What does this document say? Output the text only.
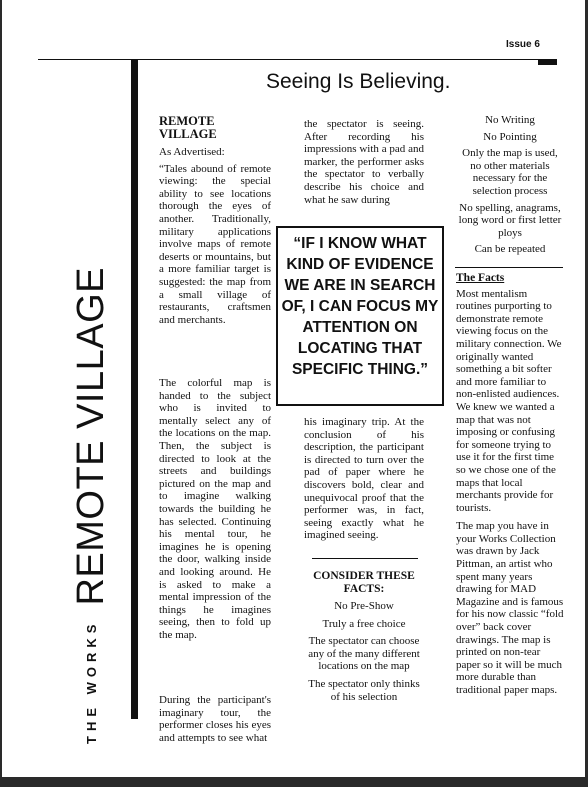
Issue 6
Seeing Is Believing.
THE WORKSREMOTE VILLAGE

REMOTE VILLAGE

As Advertised:

“Tales abound of remote viewing: the special ability to see locations thorough the eyes of another. Traditionally, military applications involve maps of remote deserts or mountains, but a more familiar target is suggested: the map from a small village of restaurants, craftsmen and merchants.

The colorful map is handed to the subject who is invited to mentally select any of the locations on the map. Then, the subject is directed to look at the streets and buildings pictured on the map and to imagine walking towards the building he has selected. Continuing his mental tour, he imagines he is opening the door, walking inside and looking around. He is asked to make a mental impression of the things he imagines seeing, then to fold up the map.
During the participant's imaginary tour, the performer closes his eyes and attempts to see what
the spectator is seeing. After recording his impressions with a pad and marker, the performer asks the spectator to verbally describe his choice and what he saw during
his imaginary trip. At the conclusion of his description, the participant is directed to turn over the pad of paper where he discovers bold, clear and unequivocal proof that the performer was, in fact, seeing exactly what he imagined seeing.

CONSIDER THESE FACTS:

No Pre-Show

Truly a free choice

The spectator can choose any of the many different locations on the map

The spectator only thinks of his selection

“IF I KNOW WHAT KIND OF EVIDENCE WE ARE IN SEARCH OF, I CAN FOCUS MY ATTENTION ON LOCATING THAT SPECIFIC THING.”

No Writing

No Pointing

Only the map is used, no other materials necessary for the selection process

No spelling, anagrams, long word or first letter ploys

Can be repeated

The Facts

Most mentalism routines purporting to demonstrate remote viewing focus on the military connection. We originally wanted something a bit softer and more familiar to non-enlisted audiences. We knew we wanted a map that was not imposing or confusing for someone trying to use it for the first time so we chose one of the maps that local merchants provide for tourists.

The map you have in your Works Collection was drawn by Jack Pittman, an artist who spent many years drawing for MAD Magazine and is famous for his now classic “fold over” back cover drawings. The map is printed on non-tear paper so it will be much more durable than traditional paper maps.
